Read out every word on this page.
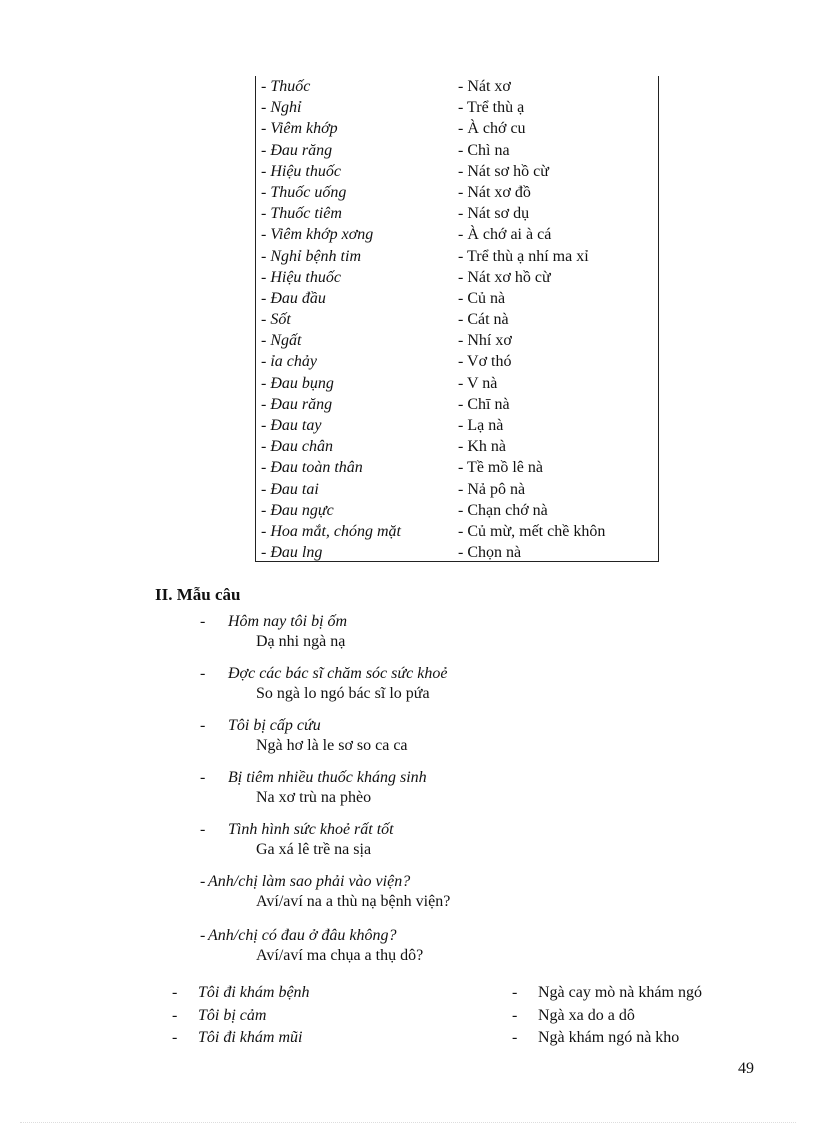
- Thuốc	- Nát xơ
- Nghỉ	- Trể thù ạ
- Viêm khớp	- À chớ cu
- Đau răng	- Chì na
- Hiệu thuốc	- Nát sơ hồ cừ
- Thuốc uống	- Nát xơ đồ
- Thuốc tiêm	- Nát sơ dụ
- Viêm khớp xơng	- À chớ ai à cá
- Nghỉ bệnh tim	- Trể thù ạ nhí ma xỉ
- Hiệu thuốc	- Nát xơ hồ cừ
- Đau đầu	- Củ nà
- Sốt	- Cát nà
- Ngất	- Nhí xơ
- ỉa chảy	- Vơ thó
- Đau bụng	- V nà
- Đau răng	- Chī nà
- Đau tay	- Lạ nà
- Đau chân	- Kh nà
- Đau toàn thân	- Tề mồ lê nà
- Đau tai	- Nả pô nà
- Đau ngực	- Chạn chớ nà
- Hoa mắt, chóng mặt	- Củ mừ, mết chề khôn
- Đau lng	- Chọn nà
II. Mẫu câu
- Hôm nay tôi bị ốm
Dạ nhi ngà nạ
- Đợc các bác sĩ chăm sóc sức khoẻ
So ngà lo ngó bác sĩ lo pứa
- Tôi bị cấp cứu
Ngà hơ là le sơ so ca ca
- Bị tiêm nhiều thuốc kháng sinh
Na xơ trù na phèo
- Tình hình sức khoẻ rất tốt
Ga xá lê trề na sịa
- Anh/chị làm sao phải vào viện?
Aví/aví na a thù nạ bệnh viện?
- Anh/chị có đau ở đâu không?
Aví/aví ma chụa a thụ dô?
- Tôi đi khám bệnh	- Ngà cay mò nà khám ngó
- Tôi bị cảm	- Ngà xa do a dô
- Tôi đi khám mũi	- Ngà khám ngó nà kho
49
